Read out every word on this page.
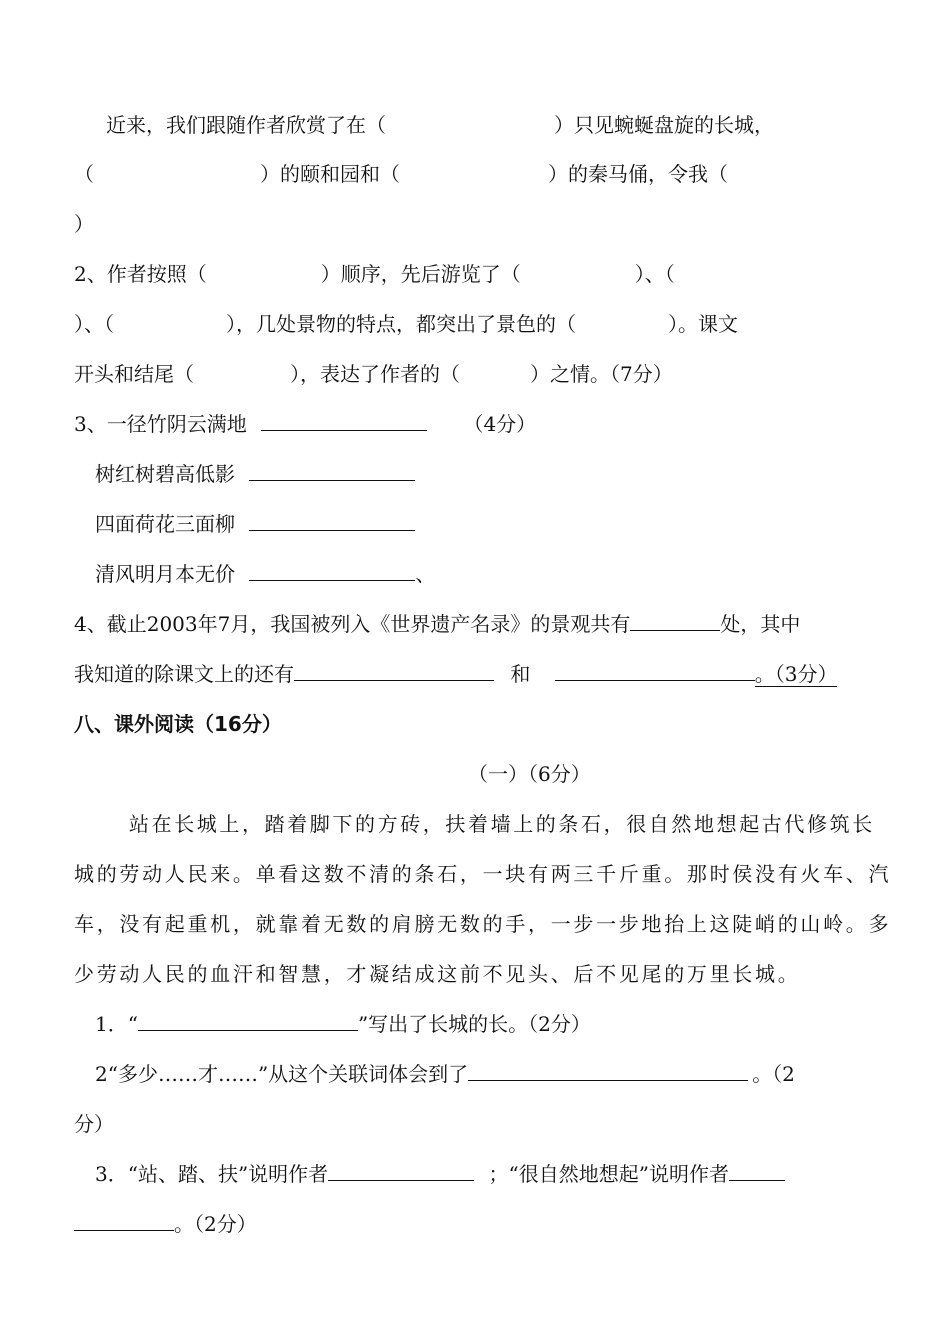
近来，我们跟随作者欣赏了在（	）只见蜿蜒盘旋的长城，
（	）的颐和园和（	）的秦马俑，令我（
）
2、作者按照（	）顺序，先后游览了（	）、（
）、（	），几处景物的特点，都突出了景色的（	）。课文
开头和结尾（	），表达了作者的（	）之情。（7分）
3、一径竹阴云满地	（4分）
树红树碧高低影
四面荷花三面柳
清风明月本无价	、
4、截止2003年7月，我国被列入《世界遗产名录》的景观共有	处，其中
我知道的除课文上的还有	和	。（3分）
八、课外阅读（16分）
（一）（6分）
站在长城上，踏着脚下的方砖，扶着墙上的条石，很自然地想起古代修筑长
城的劳动人民来。单看这数不清的条石，一块有两三千斤重。那时侯没有火车、汽
车，没有起重机，就靠着无数的肩膀无数的手，一步一步地抬上这陡峭的山岭。多
少劳动人民的血汗和智慧，才凝结成这前不见头、后不见尾的万里长城。
1．“	”写出了长城的长。（2分）
2“多少……才……”从这个关联词体会到了	。（2
分）
3．“站、踏、扶”说明作者	；“很自然地想起”说明作者
。（2分）
